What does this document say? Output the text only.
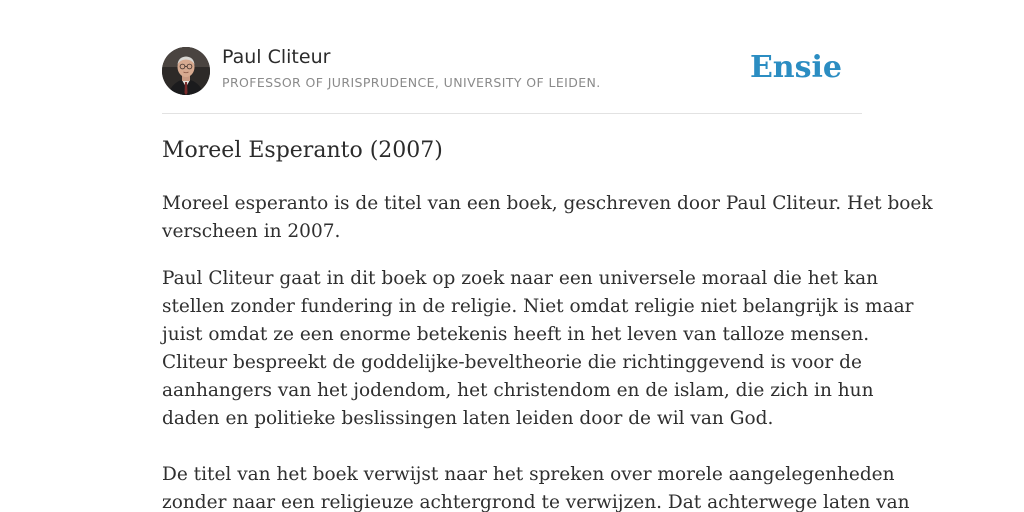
Paul Cliteur
PROFESSOR OF JURISPRUDENCE, UNIVERSITY OF LEIDEN.	Ensie
Moreel Esperanto (2007)
Moreel esperanto is de titel van een boek, geschreven door Paul Cliteur. Het boek
verscheen in 2007.
Paul Cliteur gaat in dit boek op zoek naar een universele moraal die het kan
stellen zonder fundering in de religie. Niet omdat religie niet belangrijk is maar
juist omdat ze een enorme betekenis heeft in het leven van talloze mensen.
Cliteur bespreekt de goddelijke-beveltheorie die richtinggevend is voor de
aanhangers van het jodendom, het christendom en de islam, die zich in hun
daden en politieke beslissingen laten leiden door de wil van God.
De titel van het boek verwijst naar het spreken over morele aangelegenheden
zonder naar een religieuze achtergrond te verwijzen. Dat achterwege laten van
